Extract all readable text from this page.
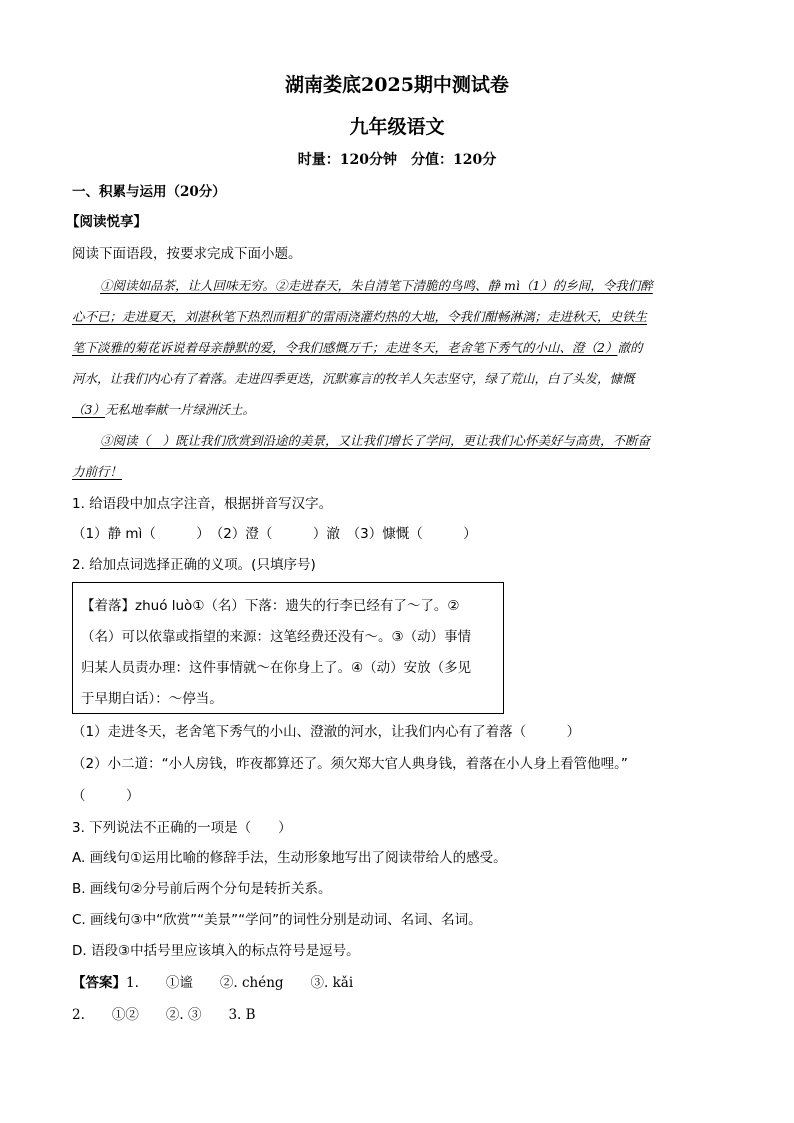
湖南娄底2025期中测试卷
九年级语文
时量：120分钟　分值：120分
一、积累与运用（20分）
【阅读悦享】
阅读下面语段，按要求完成下面小题。
①阅读如品茶，让人回味无穷。②走进春天，朱自清笔下清脆的鸟鸣、静 mì（1）的乡间，令我们醉
心不已；走进夏天，刘湛秋笔下热烈而粗犷的雷雨浇灌灼热的大地，令我们酣畅淋漓；走进秋天，史铁生
笔下淡雅的菊花诉说着母亲静默的爱，令我们感慨万千；走进冬天，老舍笔下秀气的小山、澄（2）澈的
河水，让我们内心有了着落。走进四季更迭，沉默寡言的牧羊人矢志坚守，绿了荒山，白了头发，慷慨
（3）无私地奉献一片绿洲沃土。
③阅读（　）既让我们欣赏到沿途的美景，又让我们增长了学问，更让我们心怀美好与高贵，不断奋
力前行！
1. 给语段中加点字注音，根据拼音写汉字。
（1）静 mì（　　　）　（2）澄（　　　）澈　（3）慷慨（　　　）
2. 给加点词选择正确的义项。(只填序号)
【着落】zhuó luò①（名）下落：遗失的行李已经有了～了。②
（名）可以依靠或指望的来源：这笔经费还没有～。③（动）事情
归某人员责办理：这件事情就～在你身上了。④（动）安放（多见
于早期白话）：～停当。
（1）走进冬天，老舍笔下秀气的小山、澄澈的河水，让我们内心有了着落（　　　）
（2）小二道：“小人房钱，昨夜都算还了。须欠郑大官人典身钱，着落在小人身上看管他哩。”
（　　　）
3. 下列说法不正确的一项是（　　）
A. 画线句①运用比喻的修辞手法，生动形象地写出了阅读带给人的感受。
B. 画线句②分号前后两个分句是转折关系。
C. 画线句③中“欣赏”“美景”“学问”的词性分别是动词、名词、名词。
D. 语段③中括号里应该填入的标点符号是逗号。
【答案】1.　　①谧　　②. chéng　　③. kǎi
2.　　①②　　②. ③　　3. B
